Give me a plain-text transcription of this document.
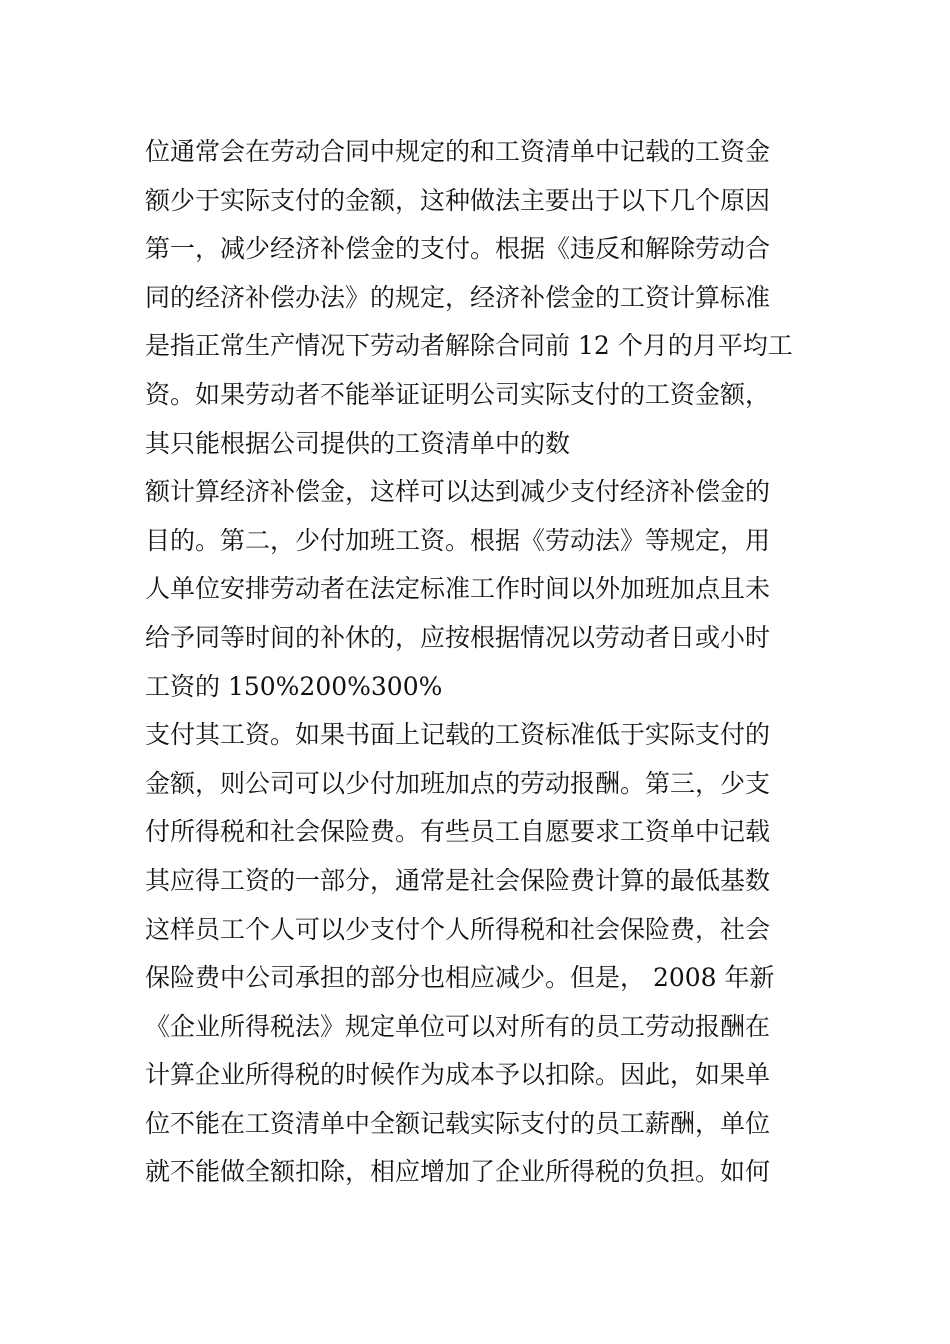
位通常会在劳动合同中规定的和工资清单中记载的工资金
额少于实际支付的金额，这种做法主要出于以下几个原因
第一，减少经济补偿金的支付。根据《违反和解除劳动合
同的经济补偿办法》的规定，经济补偿金的工资计算标准
是指正常生产情况下劳动者解除合同前 12 个月的月平均工
资。如果劳动者不能举证证明公司实际支付的工资金额，
其只能根据公司提供的工资清单中的数
额计算经济补偿金，这样可以达到减少支付经济补偿金的
目的。第二，少付加班工资。根据《劳动法》等规定，用
人单位安排劳动者在法定标准工作时间以外加班加点且未
给予同等时间的补休的，应按根据情况以劳动者日或小时
工资的 150%200%300%
支付其工资。如果书面上记载的工资标准低于实际支付的
金额，则公司可以少付加班加点的劳动报酬。第三，少支
付所得税和社会保险费。有些员工自愿要求工资单中记载
其应得工资的一部分，通常是社会保险费计算的最低基数
这样员工个人可以少支付个人所得税和社会保险费，社会
保险费中公司承担的部分也相应减少。但是， 2008 年新
《企业所得税法》规定单位可以对所有的员工劳动报酬在
计算企业所得税的时候作为成本予以扣除。因此，如果单
位不能在工资清单中全额记载实际支付的员工薪酬，单位
就不能做全额扣除，相应增加了企业所得税的负担。如何
